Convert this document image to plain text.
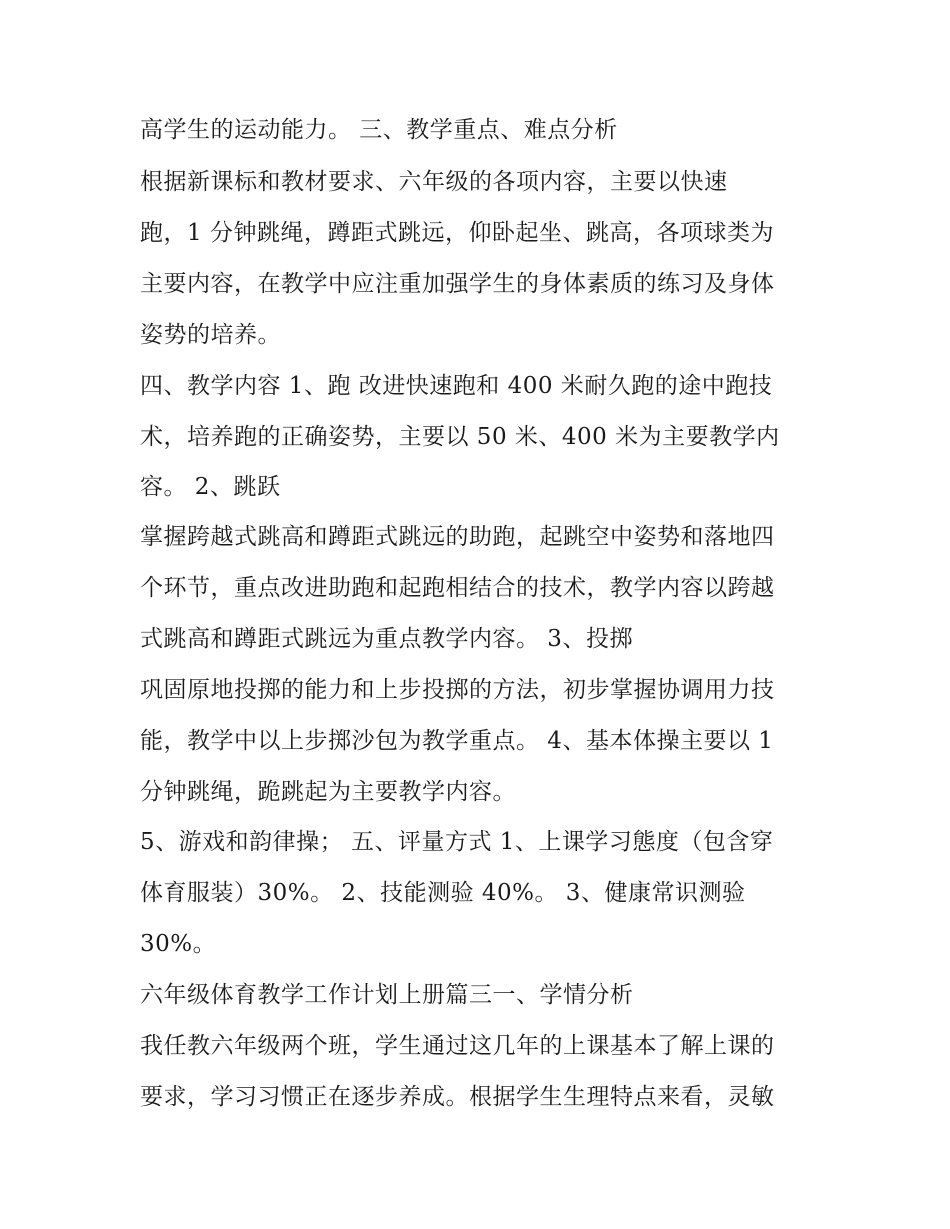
高学生的运动能力。 三、教学重点、难点分析
根据新课标和教材要求、六年级的各项内容，主要以快速
跑，1 分钟跳绳，蹲距式跳远，仰卧起坐、跳高，各项球类为
主要内容，在教学中应注重加强学生的身体素质的练习及身体
姿势的培养。
四、教学内容 1、跑 改进快速跑和 400 米耐久跑的途中跑技
术，培养跑的正确姿势，主要以 50 米、400 米为主要教学内
容。 2、跳跃
掌握跨越式跳高和蹲距式跳远的助跑，起跳空中姿势和落地四
个环节，重点改进助跑和起跑相结合的技术，教学内容以跨越
式跳高和蹲距式跳远为重点教学内容。 3、投掷
巩固原地投掷的能力和上步投掷的方法，初步掌握协调用力技
能，教学中以上步掷沙包为教学重点。 4、基本体操主要以 1
分钟跳绳，跪跳起为主要教学内容。
5、游戏和韵律操； 五、评量方式 1、上课学习態度（包含穿
体育服装）30%。 2、技能测验 40%。 3、健康常识测验
30%。
六年级体育教学工作计划上册篇三一、学情分析
我任教六年级两个班，学生通过这几年的上课基本了解上课的
要求，学习习惯正在逐步养成。根据学生生理特点来看，灵敏
